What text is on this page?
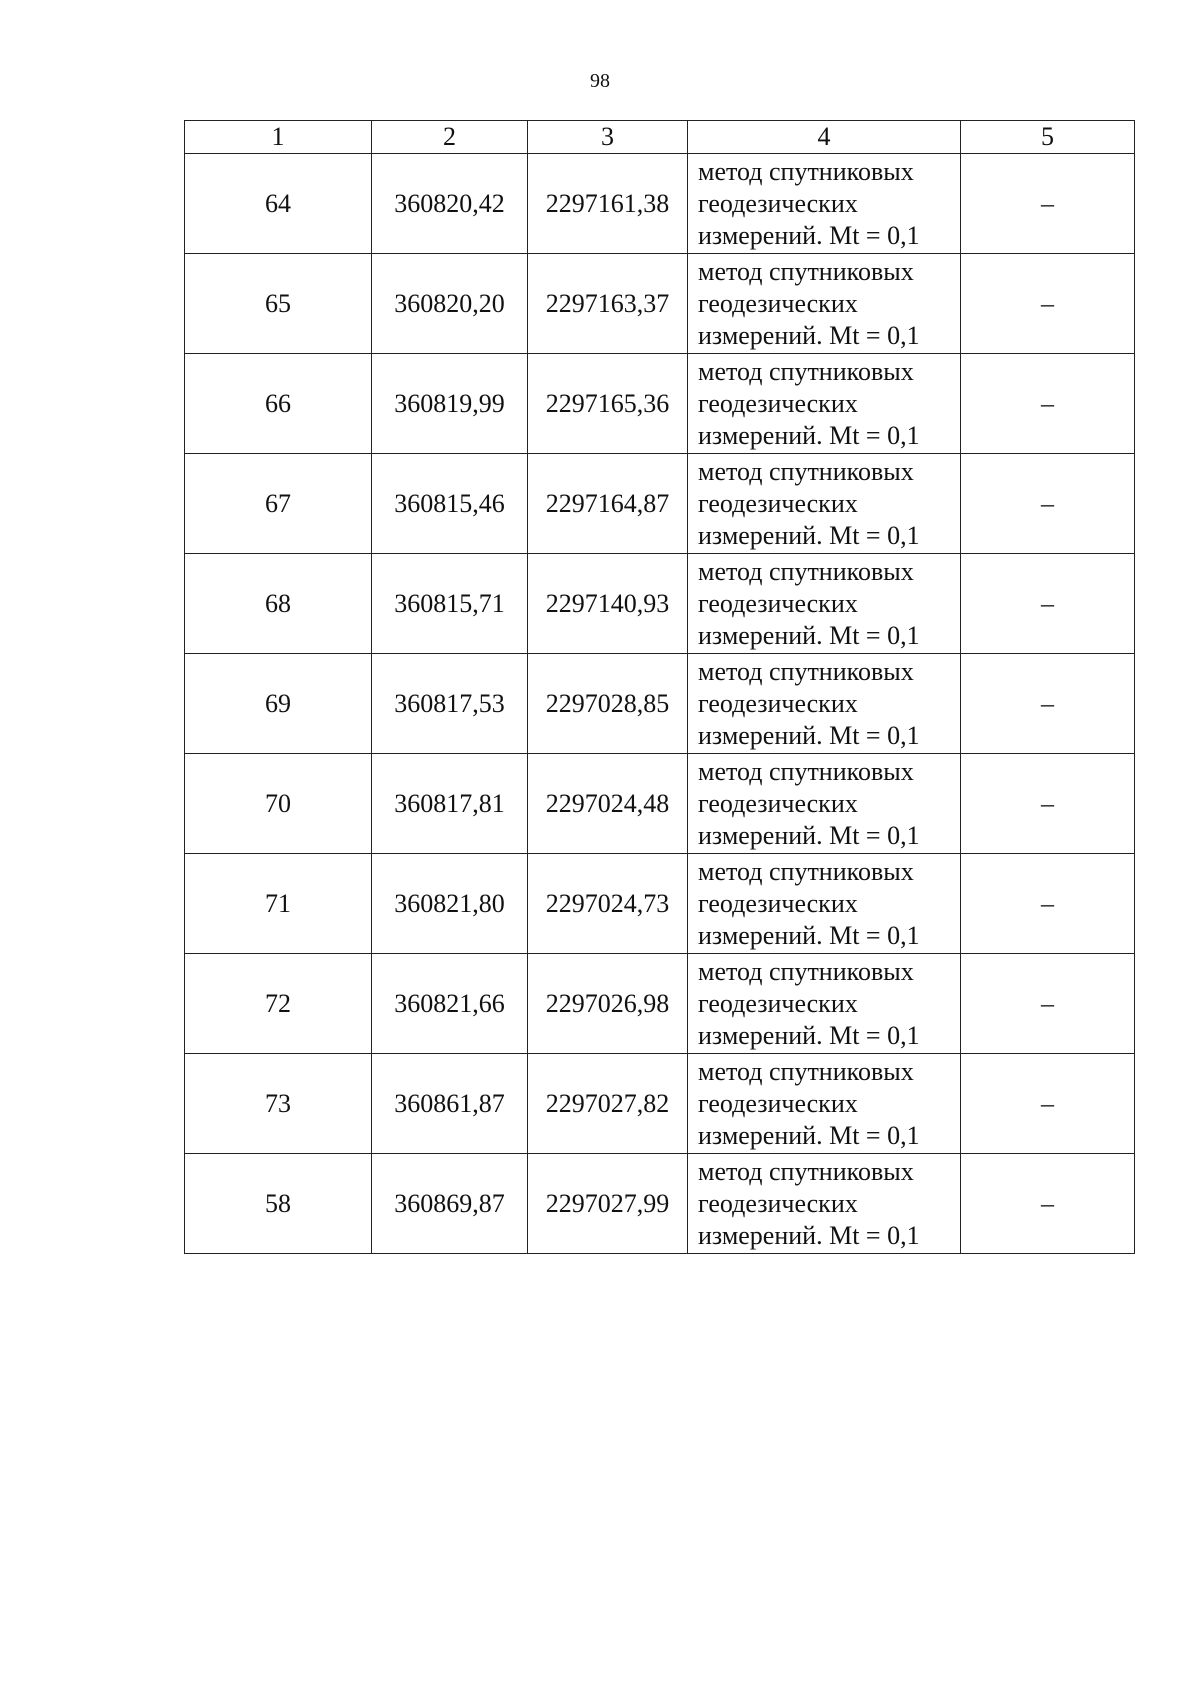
98
1	2	3	4	5
64	360820,42	2297161,38	метод спутниковых
геодезических
измерений. Mt = 0,1	–
65	360820,20	2297163,37	метод спутниковых
геодезических
измерений. Mt = 0,1	–
66	360819,99	2297165,36	метод спутниковых
геодезических
измерений. Mt = 0,1	–
67	360815,46	2297164,87	метод спутниковых
геодезических
измерений. Mt = 0,1	–
68	360815,71	2297140,93	метод спутниковых
геодезических
измерений. Mt = 0,1	–
69	360817,53	2297028,85	метод спутниковых
геодезических
измерений. Mt = 0,1	–
70	360817,81	2297024,48	метод спутниковых
геодезических
измерений. Mt = 0,1	–
71	360821,80	2297024,73	метод спутниковых
геодезических
измерений. Mt = 0,1	–
72	360821,66	2297026,98	метод спутниковых
геодезических
измерений. Mt = 0,1	–
73	360861,87	2297027,82	метод спутниковых
геодезических
измерений. Mt = 0,1	–
58	360869,87	2297027,99	метод спутниковых
геодезических
измерений. Mt = 0,1	–
